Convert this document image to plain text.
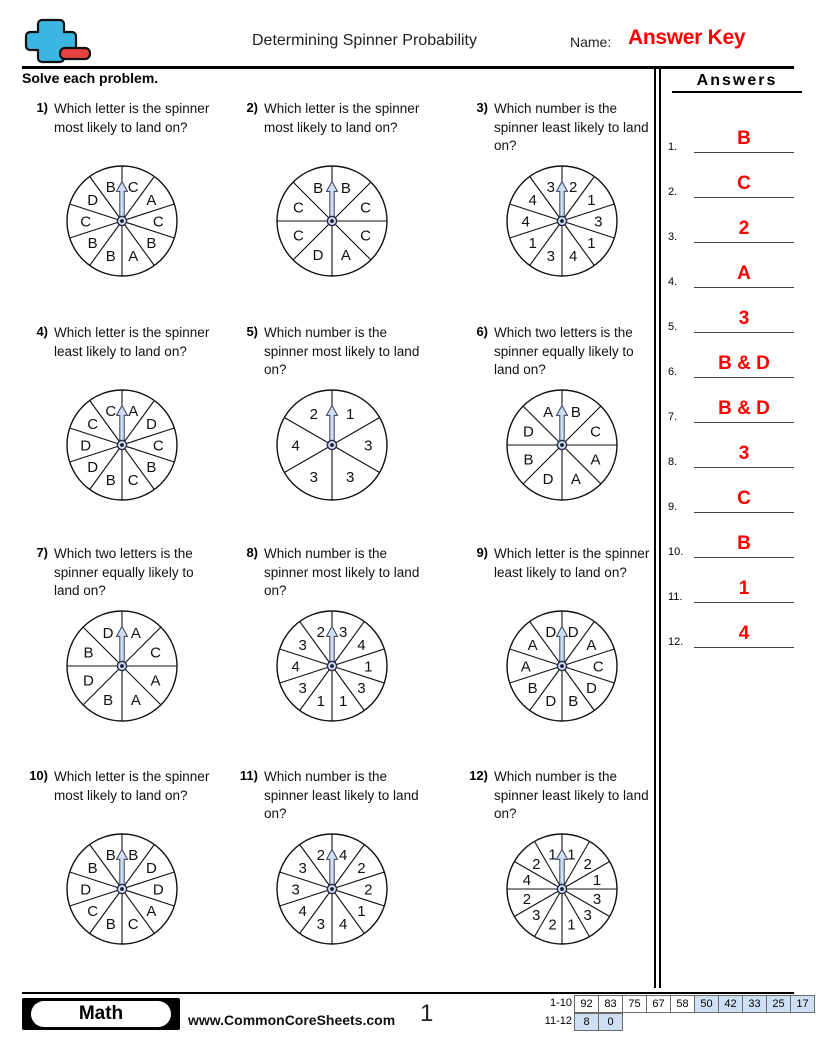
Determining Spinner Probability	Name: Answer Key
Solve each problem.	Answers
1.	B
2.	C
3.	2
4.	A
5.	3
6.	B & D
7.	B & D
8.	3
9.	C
10.	B
11.	1
12.	4
1) Which letter is the spinner most likely to land on?
C
A
C
B
A
B
B
C
D
B
2) Which letter is the spinner most likely to land on?
B
C
C
A
D
C
C
B
3) Which number is the spinner least likely to land on?
2
1
3
1
4
3
1
4
4
3
4) Which letter is the spinner least likely to land on?
A
D
C
B
C
B
D
D
C
C
5) Which number is the spinner most likely to land on?
1
3
3
3
4
2
6) Which two letters is the spinner equally likely to land on?
B
C
A
A
D
B
D
A
7) Which two letters is the spinner equally likely to land on?
A
C
A
A
B
D
B
D
8) Which number is the spinner most likely to land on?
3
4
1
3
1
1
3
4
3
2
9) Which letter is the spinner least likely to land on?
D
A
C
D
B
D
B
A
A
D
10) Which letter is the spinner most likely to land on?
B
D
D
A
C
B
C
D
B
B
11) Which number is the spinner least likely to land on?
4
2
2
1
4
3
4
3
3
2
12) Which number is the spinner least likely to land on?
1
2
1
3
3
1
2
3
2
4
2
1
Math	www.CommonCoreSheets.com 1	1-10 92 83 75 67 58 50 42 33 25 17
11-12 8 0
